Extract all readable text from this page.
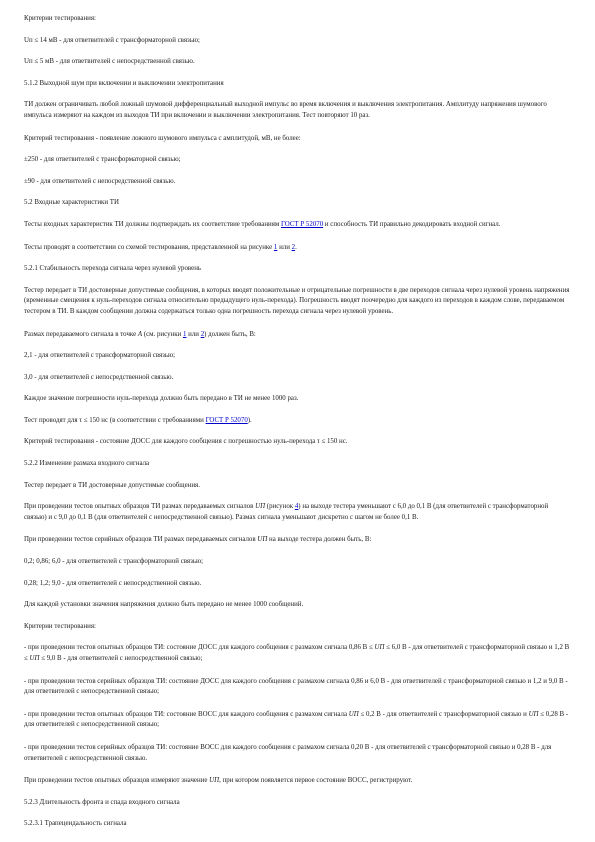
Критерии тестирования:

Uп ≤ 14 мВ - для ответвителей с трансформаторной связью;

Uп ≤ 5 мВ - для ответвителей с непосредственной связью.

5.1.2 Выходной шум при включении и выключении электропитания

ТИ должен ограничивать любой ложный шумовой дифференциальный выходной импульс во время включения и выключения электропитания. Амплитуду напряжения шумового импульса измеряют на каждом из выходов ТИ при включении и выключении электропитания. Тест повторяют 10 раз.

Критерий тестирования - появление ложного шумового импульса с амплитудой, мВ, не более:

±250 - для ответвителей с трансформаторной связью;

±90 - для ответвителей с непосредственной связью.

5.2 Входные характеристики ТИ

Тесты входных характеристик ТИ должны подтверждать их соответствие требованиям ГОСТ Р 52070 и способность ТИ правильно декодировать входной сигнал.

Тесты проводят в соответствии со схемой тестирования, представленной на рисунке 1 или 2.

5.2.1 Стабильность перехода сигнала через нулевой уровень

Тестер передает в ТИ достоверные допустимые сообщения, в которых вводят положительные и отрицательные погрешности в две переходов сигнала через нулевой уровень напряжения (временные смещения к нуль-переходов сигнала относительно предыдущего нуль-перехода). Погрешность вводят поочередно для каждого из переходов в каждом слове, передаваемом тестером в ТИ. В каждом сообщении должна содержаться только одна погрешность перехода сигнала через нулевой уровень.

Размах передаваемого сигнала в точке А (см. рисунки 1 или 2) должен быть, В:

2,1 - для ответвителей с трансформаторной связью;

3,0 - для ответвителей с непосредственной связью.

Каждое значение погрешности нуль-перехода должно быть передано в ТИ не менее 1000 раз.

Тест проводят для τ ≤ 150 нс (в соответствии с требованиями ГОСТ Р 52070).

Критерий тестирования - состояние ДОСС для каждого сообщения с погрешностью нуль-перехода τ ≤ 150 нс.

5.2.2 Изменение размаха входного сигнала

Тестер передает в ТИ достоверные допустимые сообщения.

При проведении тестов опытных образцов ТИ размах передаваемых сигналов UП (рисунок 4) на выходе тестера уменьшают с 6,0 до 0,1 В (для ответвителей с трансформаторной связью) и с 9,0 до 0,1 В (для ответвителей с непосредственной связью). Размах сигнала уменьшают дискретно с шагом не более 0,1 В.

При проведении тестов серийных образцов ТИ размах передаваемых сигналов UП на выходе тестера должен быть, В:

0,2; 0,86; 6,0 - для ответвителей с трансформаторной связью;

0,28; 1,2; 9,0 - для ответвителей с непосредственной связью.

Для каждой установки значения напряжения должно быть передано не менее 1000 сообщений.

Критерии тестирования:

- при проведении тестов опытных образцов ТИ: состояние ДОСС для каждого сообщения с размахом сигнала 0,86 В ≤ UП ≤ 6,0 В - для ответвителей с трансформаторной связью и 1,2 В ≤ UП ≤ 9,0 В - для ответвителей с непосредственной связью;

- при проведении тестов серийных образцов ТИ: состояние ДОСС для каждого сообщения с размахом сигнала 0,86 и 6,0 В - для ответвителей с трансформаторной связью и 1,2 и 9,0 В - для ответвителей с непосредственной связью;

- при проведении тестов опытных образцов ТИ: состояние ВОСС для каждого сообщения с размахом сигнала UП ≤ 0,2 В - для ответвителей с трансформаторной связью и UП ≤ 0,28 В - для ответвителей с непосредственной связью;

- при проведении тестов серийных образцов ТИ: состояние ВОСС для каждого сообщения с размахом сигнала 0,20 В - для ответвителей с трансформаторной связью и 0,28 В - для ответвителей с непосредственной связью.

При проведении тестов опытных образцов измеряют значение UП, при котором появляется первое состояние ВОСС, регистрируют.

5.2.3 Длительность фронта и спада входного сигнала

5.2.3.1 Трапецеидальность сигнала
